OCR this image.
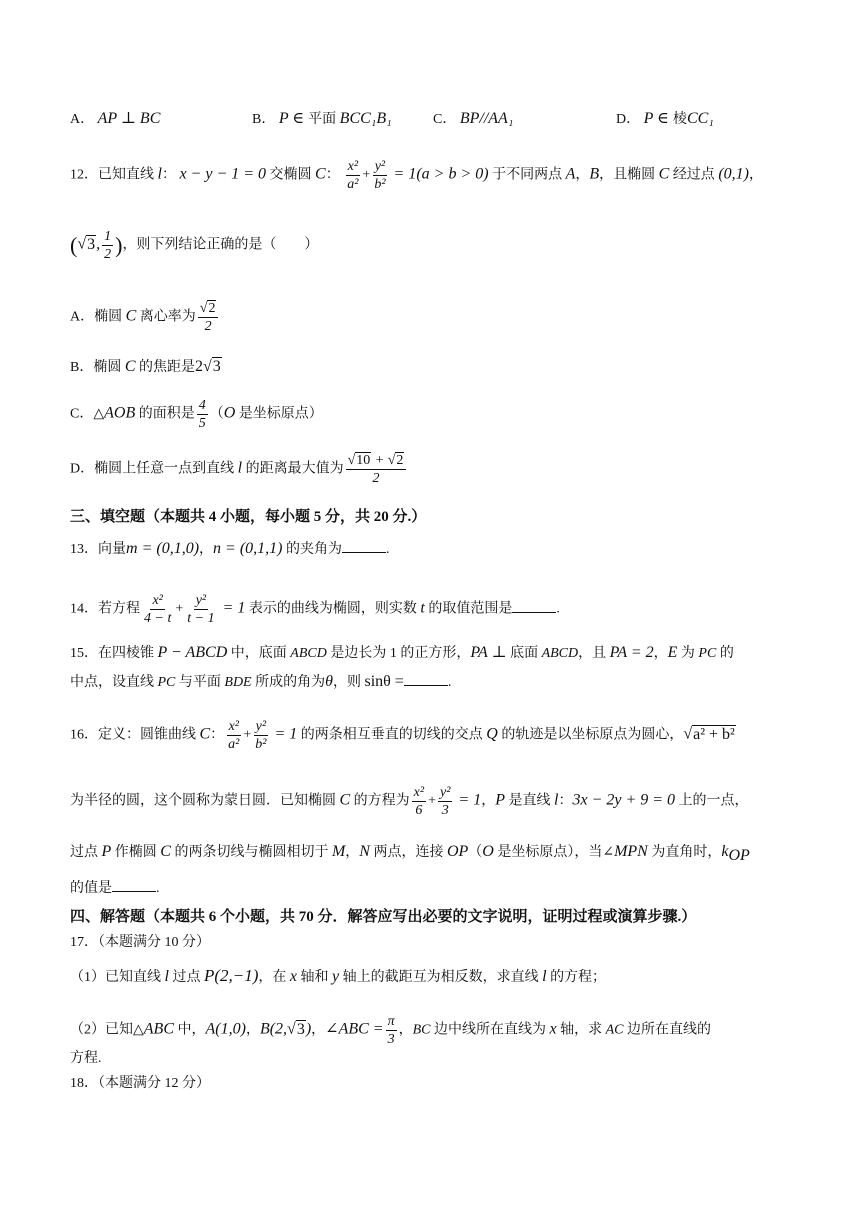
A． AP ⊥ BC	B． P ∈ 平面 BCC₁B₁	C． BP//AA₁	D． P ∈ 棱CC₁
12．已知直线 l： x − y − 1 = 0 交椭圆 C： $\frac{\text{x²}}{\text{a²}} + \frac{\text{y²}}{\text{b²}} = 1(a > b > 0)$ 于不同两点 A，B，且椭圆 C 经过点 (0,1)，
(√3, $\frac{1}{2}$ )，则下列结论正确的是（　　）
A．椭圆 C 离心率为 $\frac{√2}{2}$
B．椭圆 C 的焦距是2√3
C．△AOB 的面积是 $\frac{4}{5} (O$ 是坐标原点）
D．椭圆上任意一点到直线 l 的距离最大值为 $\frac{√10 + √2}{2}$
三、填空题（本题共 4 小题，每小题 5 分，共 20 分.）
13．向量m = (0,1,0)，n = (0,1,1) 的夹角为	.
14．若方程 $\frac{\text{x²}}{4 - t} + \frac{\text{y²}}{t - 1} = 1$ 表示的曲线为椭圆，则实数 t 的取值范围是	.
15．在四棱锥 P − ABCD 中，底面 ABCD 是边长为 1 的正方形，PA ⊥ 底面 ABCD，且 PA = 2，E 为 PC 的
中点，设直线 PC 与平面 BDE 所成的角为θ，则 sinθ =	.
16．定义：圆锥曲线 C： $\frac{\text{x²}}{\text{a²}} + \frac{\text{y²}}{\text{b²}} = 1$ 的两条相互垂直的切线的交点 Q 的轨迹是以坐标原点为圆心，√a² + b²
为半径的圆，这个圆称为蒙日圆．已知椭圆 C 的方程为 $\frac{\text{x²}}{6} + \frac{\text{y²}}{3} = 1$，P 是直线 l：3x − 2y + 9 = 0 上的一点，
过点 P 作椭圆 C 的两条切线与椭圆相切于 M，N 两点，连接 OP（O 是坐标原点），当∠MPN 为直角时，$k_{OP}$
的值是	.
四、解答题（本题共 6 个小题，共 70 分．解答应写出必要的文字说明，证明过程或演算步骤.）
17．（本题满分 10 分）
（1）已知直线 l 过点 P(2,−1)，在 x 轴和 y 轴上的截距互为相反数，求直线 l 的方程；
（2）已知△ABC 中，A(1,0)，B(2,√3)，∠ABC = $\frac{\pi}{3}$ ，BC 边中线所在直线为 x 轴，求 AC 边所在直线的
方程.
18．（本题满分 12 分）
